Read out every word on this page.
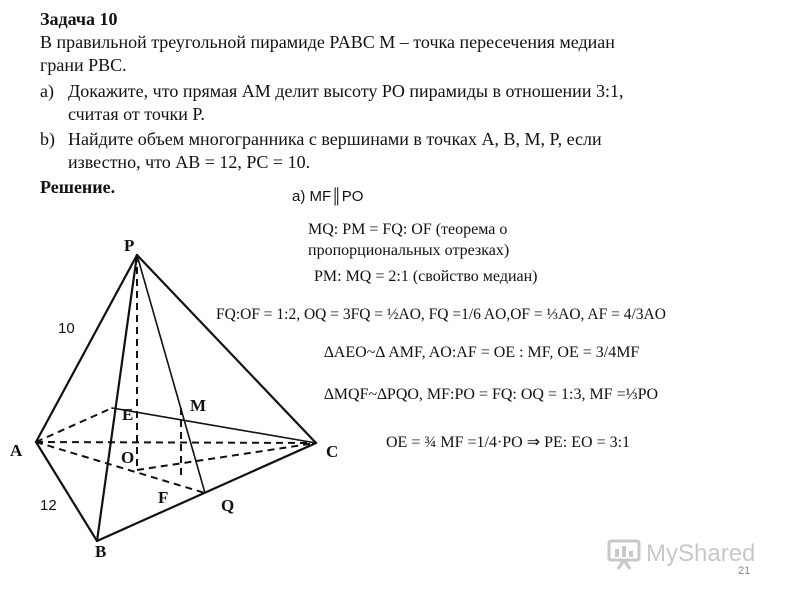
Задача 10
В правильной треугольной пирамиде PABC M – точка пересечения медиан
грани PBC.
a) Докажите, что прямая AM делит высоту PO пирамиды в отношении 3:1,
считая от точки P.
b) Найдите объем многогранника с вершинами в точках A, B, M, P, если
известно, что AB = 12, PC = 10.
Решение.	а) MF║PO
MQ: PM = FQ: OF (теорема о
пропорциональных отрезках)
PM: MQ = 2:1 (свойство медиан)
FQ:OF = 1:2, OQ = 3FQ = ½AO, FQ =1/6 AO,OF = ⅓AO, AF = 4/3AO
∆AEO~∆ AMF, AO:AF = OE : MF, OE = 3/4MF
∆MQF~∆PQO, MF:PO = FQ: OQ = 1:3, MF =⅓PO
OE = ¾ MF =1/4·PO ⇒ PE: EO = 3:1
P
A
B
C
M
E
O
F	Q
10
12
MyShared
21
